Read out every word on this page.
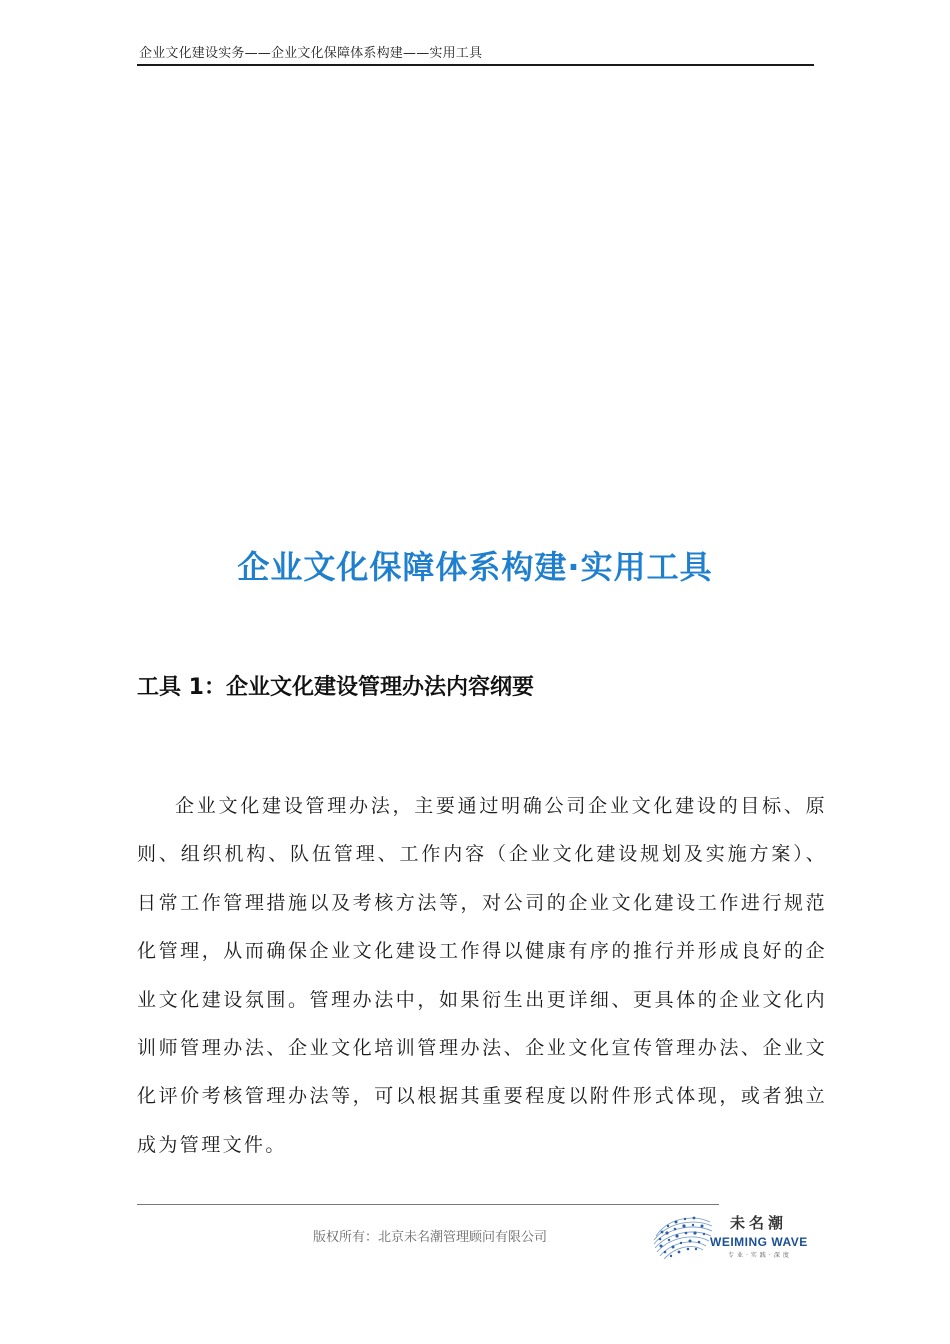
企业文化建设实务——企业文化保障体系构建——实用工具
企业文化保障体系构建·实用工具
工具 1：企业文化建设管理办法内容纲要

企业文化建设管理办法，主要通过明确公司企业文化建设的目标、原则、组织机构、队伍管理、工作内容（企业文化建设规划及实施方案）、日常工作管理措施以及考核方法等，对公司的企业文化建设工作进行规范化管理，从而确保企业文化建设工作得以健康有序的推行并形成良好的企业文化建设氛围。管理办法中，如果衍生出更详细、更具体的企业文化内训师管理办法、企业文化培训管理办法、企业文化宣传管理办法、企业文化评价考核管理办法等，可以根据其重要程度以附件形式体现，或者独立成为管理文件。

版权所有：北京未名潮管理顾问有限公司
未名潮
WEIMING WAVE
专业·实践·深度
